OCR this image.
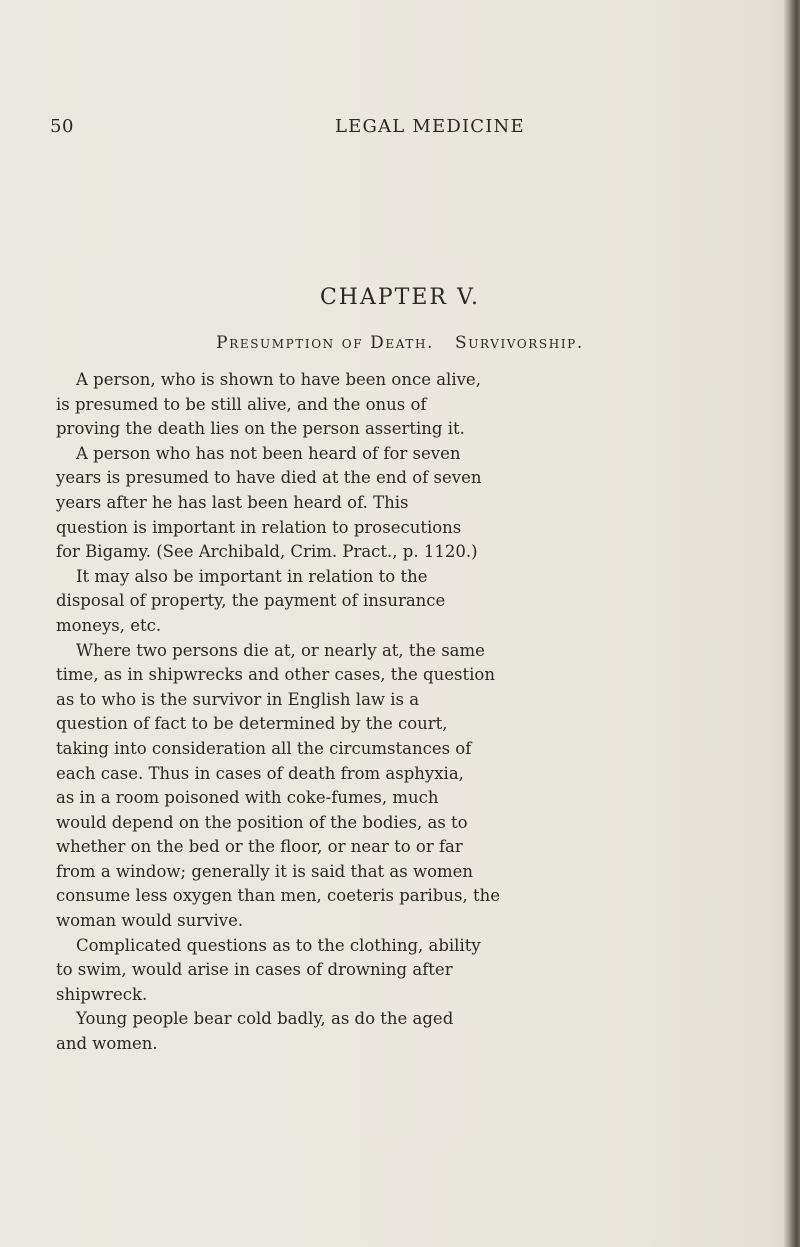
50	LEGAL MEDICINE
CHAPTER V.
Presumption of Death. Survivorship.
A person, who is shown to have been once alive,
is presumed to be still alive, and the onus of
proving the death lies on the person asserting it.
A person who has not been heard of for seven
years is presumed to have died at the end of seven
years after he has last been heard of. This
question is important in relation to prosecutions
for Bigamy. (See Archibald, Crim. Pract., p. 1120.)
It may also be important in relation to the
disposal of property, the payment of insurance
moneys, etc.
Where two persons die at, or nearly at, the same
time, as in shipwrecks and other cases, the question
as to who is the survivor in English law is a
question of fact to be determined by the court,
taking into consideration all the circumstances of
each case. Thus in cases of death from asphyxia,
as in a room poisoned with coke-fumes, much
would depend on the position of the bodies, as to
whether on the bed or the floor, or near to or far
from a window; generally it is said that as women
consume less oxygen than men, coeteris paribus, the
woman would survive.
Complicated questions as to the clothing, ability
to swim, would arise in cases of drowning after
shipwreck.
Young people bear cold badly, as do the aged
and women.
